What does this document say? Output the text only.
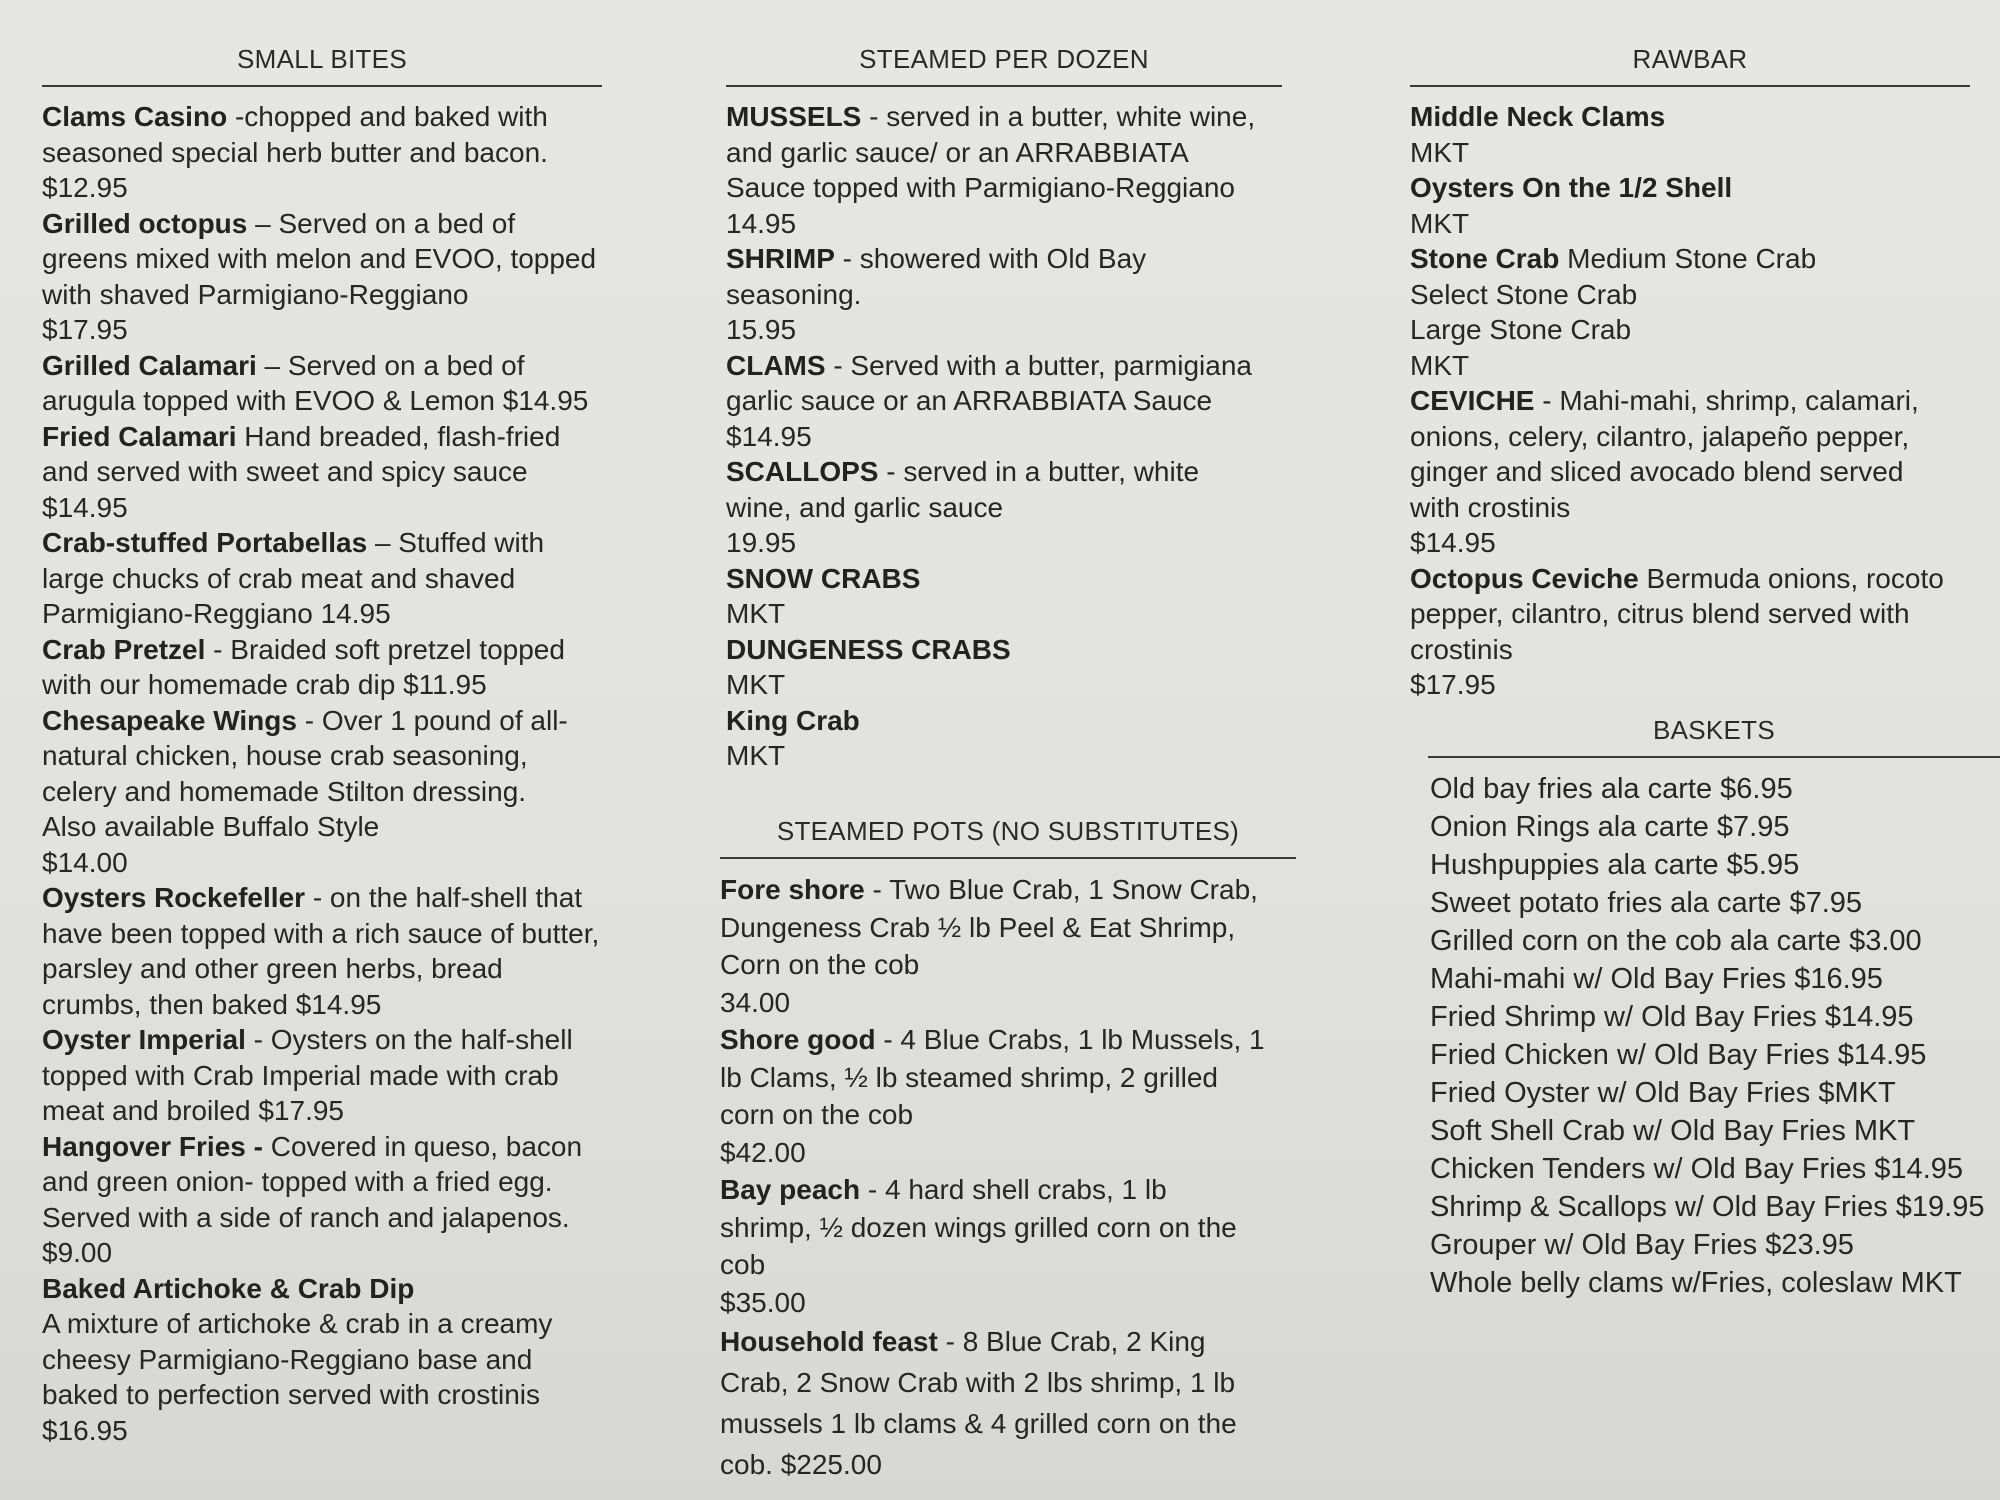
SMALL BITES
Clams Casino -chopped and baked with seasoned special herb butter and bacon.
$12.95
Grilled octopus – Served on a bed of greens mixed with melon and EVOO, topped with shaved Parmigiano-Reggiano
$17.95
Grilled Calamari – Served on a bed of arugula topped with EVOO & Lemon $14.95
Fried Calamari Hand breaded, flash-fried and served with sweet and spicy sauce
$14.95
Crab-stuffed Portabellas – Stuffed with large chucks of crab meat and shaved Parmigiano-Reggiano 14.95
Crab Pretzel - Braided soft pretzel topped with our homemade crab dip $11.95
Chesapeake Wings - Over 1 pound of all-natural chicken, house crab seasoning, celery and homemade Stilton dressing.
Also available Buffalo Style
$14.00
Oysters Rockefeller - on the half-shell that have been topped with a rich sauce of butter, parsley and other green herbs, bread crumbs, then baked $14.95
Oyster Imperial - Oysters on the half-shell topped with Crab Imperial made with crab meat and broiled $17.95
Hangover Fries - Covered in queso, bacon and green onion- topped with a fried egg. Served with a side of ranch and jalapenos. $9.00
Baked Artichoke & Crab Dip
A mixture of artichoke & crab in a creamy cheesy Parmigiano-Reggiano base and baked to perfection served with crostinis
$16.95
STEAMED PER DOZEN
MUSSELS - served in a butter, white wine, and garlic sauce/ or an ARRABBIATA Sauce topped with Parmigiano-Reggiano
14.95
SHRIMP - showered with Old Bay seasoning.
15.95
CLAMS - Served with a butter, parmigiana garlic sauce or an ARRABBIATA Sauce
$14.95
SCALLOPS - served in a butter, white wine, and garlic sauce
19.95
SNOW CRABS
MKT
DUNGENESS CRABS
MKT
King Crab
MKT
STEAMED POTS (NO SUBSTITUTES)
Fore shore - Two Blue Crab, 1 Snow Crab, Dungeness Crab ½ lb Peel & Eat Shrimp, Corn on the cob
34.00
Shore good - 4 Blue Crabs, 1 lb Mussels, 1 lb Clams, ½ lb steamed shrimp, 2 grilled corn on the cob
$42.00
Bay peach - 4 hard shell crabs, 1 lb shrimp, ½ dozen wings grilled corn on the cob
$35.00
Household feast - 8 Blue Crab, 2 King Crab, 2 Snow Crab with 2 lbs shrimp, 1 lb mussels 1 lb clams & 4 grilled corn on the cob. $225.00
RAWBAR
Middle Neck Clams
MKT
Oysters On the 1/2 Shell
MKT
Stone Crab Medium Stone Crab
Select Stone Crab
Large Stone Crab
MKT
CEVICHE - Mahi-mahi, shrimp, calamari, onions, celery, cilantro, jalapeño pepper, ginger and sliced avocado blend served with crostinis
$14.95
Octopus Ceviche Bermuda onions, rocoto pepper, cilantro, citrus blend served with crostinis
$17.95
BASKETS
Old bay fries ala carte $6.95
Onion Rings ala carte $7.95
Hushpuppies ala carte $5.95
Sweet potato fries ala carte $7.95
Grilled corn on the cob ala carte $3.00
Mahi-mahi w/ Old Bay Fries $16.95
Fried Shrimp w/ Old Bay Fries $14.95
Fried Chicken w/ Old Bay Fries $14.95
Fried Oyster w/ Old Bay Fries $MKT
Soft Shell Crab w/ Old Bay Fries MKT
Chicken Tenders w/ Old Bay Fries $14.95
Shrimp & Scallops w/ Old Bay Fries $19.95
Grouper w/ Old Bay Fries $23.95
Whole belly clams w/Fries, coleslaw MKT
